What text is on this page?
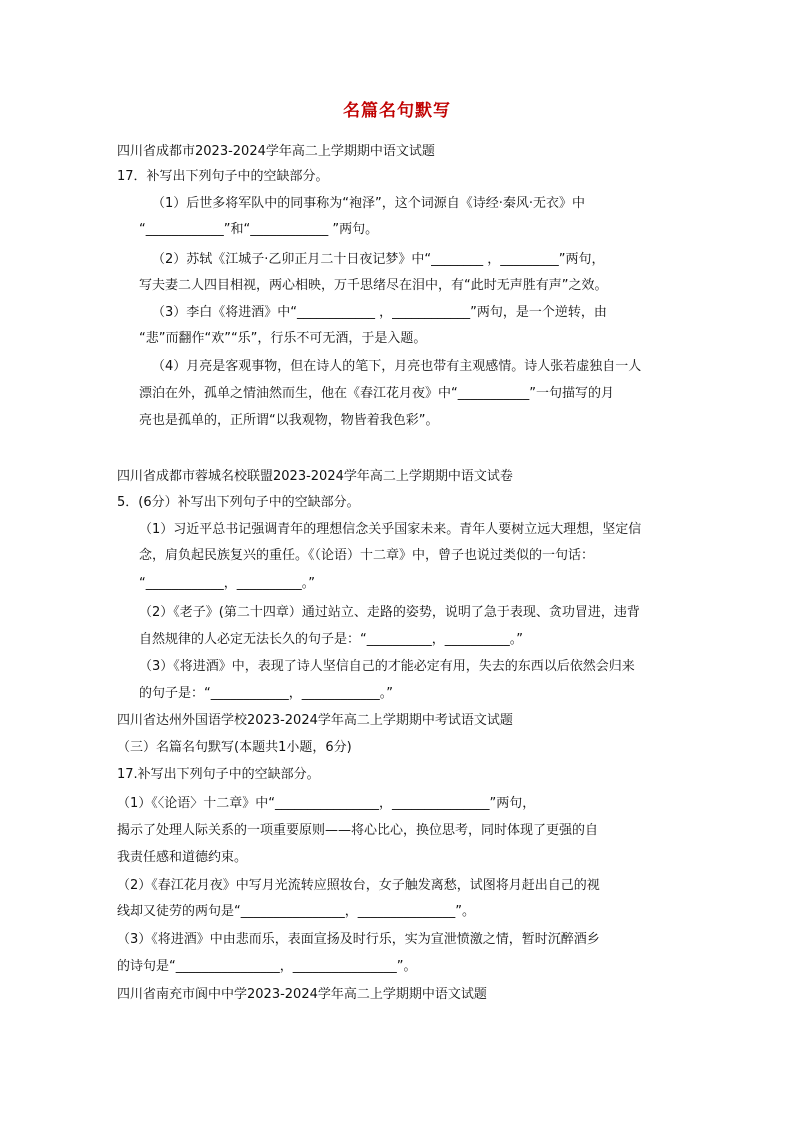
名篇名句默写
四川省成都市2023-2024学年高二上学期期中语文试题
17．补写出下列句子中的空缺部分。
（1）后世多将军队中的同事称为“袍泽”，这个词源自《诗经·秦风·无衣》中
“____________”和“____________ ”两句。
（2）苏轼《江城子·乙卯正月二十日夜记梦》中“________ ，_________”两句，
写夫妻二人四目相视，两心相映，万千思绪尽在泪中，有“此时无声胜有声”之效。
（3）李白《将进酒》中“____________ ，____________”两句，是一个逆转，由
“悲”而翻作“欢”“乐”，行乐不可无酒，于是入题。
（4）月亮是客观事物，但在诗人的笔下，月亮也带有主观感情。诗人张若虚独自一人
漂泊在外，孤单之情油然而生，他在《春江花月夜》中“___________”一句描写的月
亮也是孤单的，正所谓“以我观物，物皆着我色彩”。
四川省成都市蓉城名校联盟2023-2024学年高二上学期期中语文试卷
5．(6分）补写出下列句子中的空缺部分。
（1）习近平总书记强调青年的理想信念关乎国家未来。青年人要树立远大理想，坚定信
念，肩负起民族复兴的重任。《（论语）十二章》中，曾子也说过类似的一句话：
“____________，__________。”
（2）《老子》(第二十四章）通过站立、走路的姿势，说明了急于表现、贪功冒进，违背
自然规律的人必定无法长久的句子是：“__________，__________。”
（3）《将进酒》中，表现了诗人坚信自己的才能必定有用，失去的东西以后依然会归来
的句子是：“____________，____________。”
四川省达州外国语学校2023-2024学年高二上学期期中考试语文试题
（三）名篇名句默写(本题共1小题，6分)
17.补写出下列句子中的空缺部分。
（1）《〈论语〉十二章》中“________________，_______________”两句，
揭示了处理人际关系的一项重要原则——将心比心，换位思考，同时体现了更强的自
我责任感和道德约束。
（2）《春江花月夜》中写月光流转应照妆台，女子触发离愁，试图将月赶出自己的视
线却又徒劳的两句是“________________，_______________”。
（3）《将进酒》中由悲而乐，表面宣扬及时行乐，实为宣泄愤激之情，暂时沉醉酒乡
的诗句是“________________，________________”。
四川省南充市阆中中学2023-2024学年高二上学期期中语文试题
